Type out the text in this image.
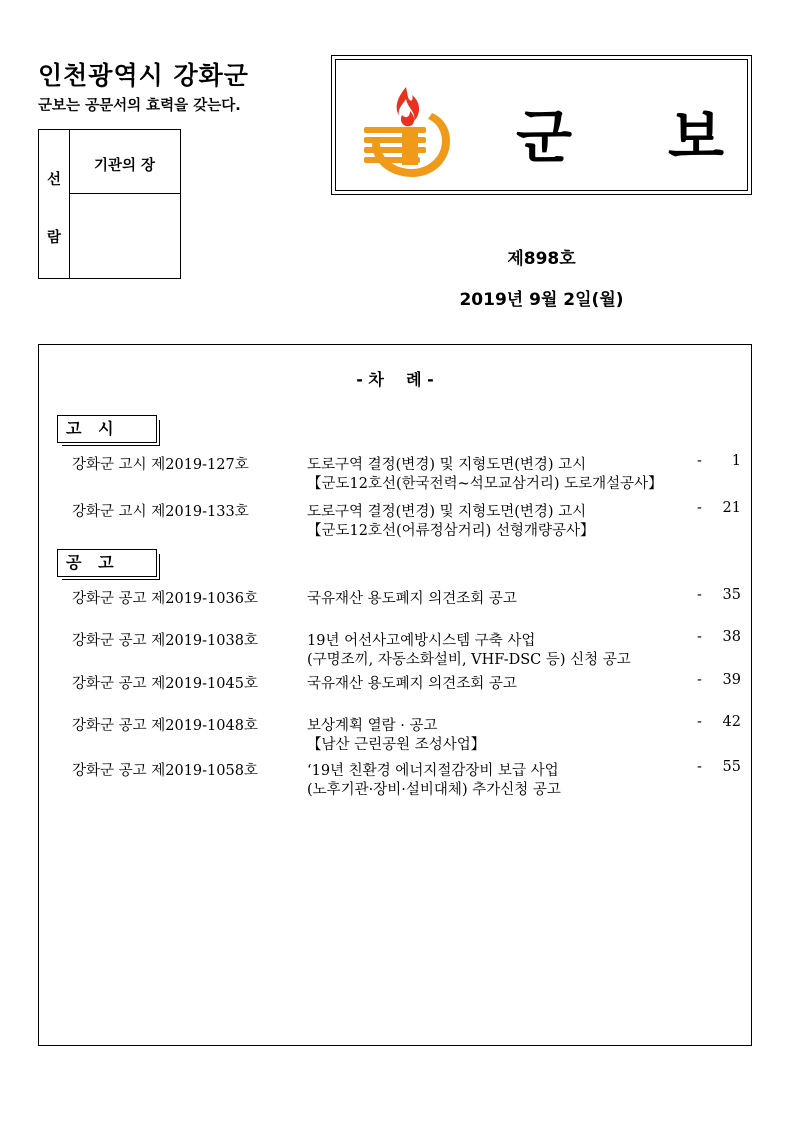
인천광역시 강화군
군보는 공문서의 효력을 갖는다.
선
람
기관의 장	군 보
제898호
2019년 9월 2일(월)
- 차    례 -
고   시
강화군 고시 제2019-127호	도로구역 결정(변경) 및 지형도면(변경) 고시
【군도12호선(한국전력~석모교삼거리) 도로개설공사】
- 1
강화군 고시 제2019-133호	도로구역 결정(변경) 및 지형도면(변경) 고시
【군도12호선(어류정삼거리) 선형개량공사】
- 21
공   고
강화군 공고 제2019-1036호	국유재산 용도폐지 의견조회 공고	- 35
강화군 공고 제2019-1038호	19년 어선사고예방시스템 구축 사업
(구명조끼, 자동소화설비, VHF-DSC 등) 신청 공고
- 38
강화군 공고 제2019-1045호	국유재산 용도폐지 의견조회 공고	- 39
강화군 공고 제2019-1048호	보상계획 열람 · 공고
【남산 근린공원 조성사업】
- 42
강화군 공고 제2019-1058호	‘19년 친환경 에너지절감장비 보급 사업
(노후기관·장비·설비대체) 추가신청 공고
- 55
